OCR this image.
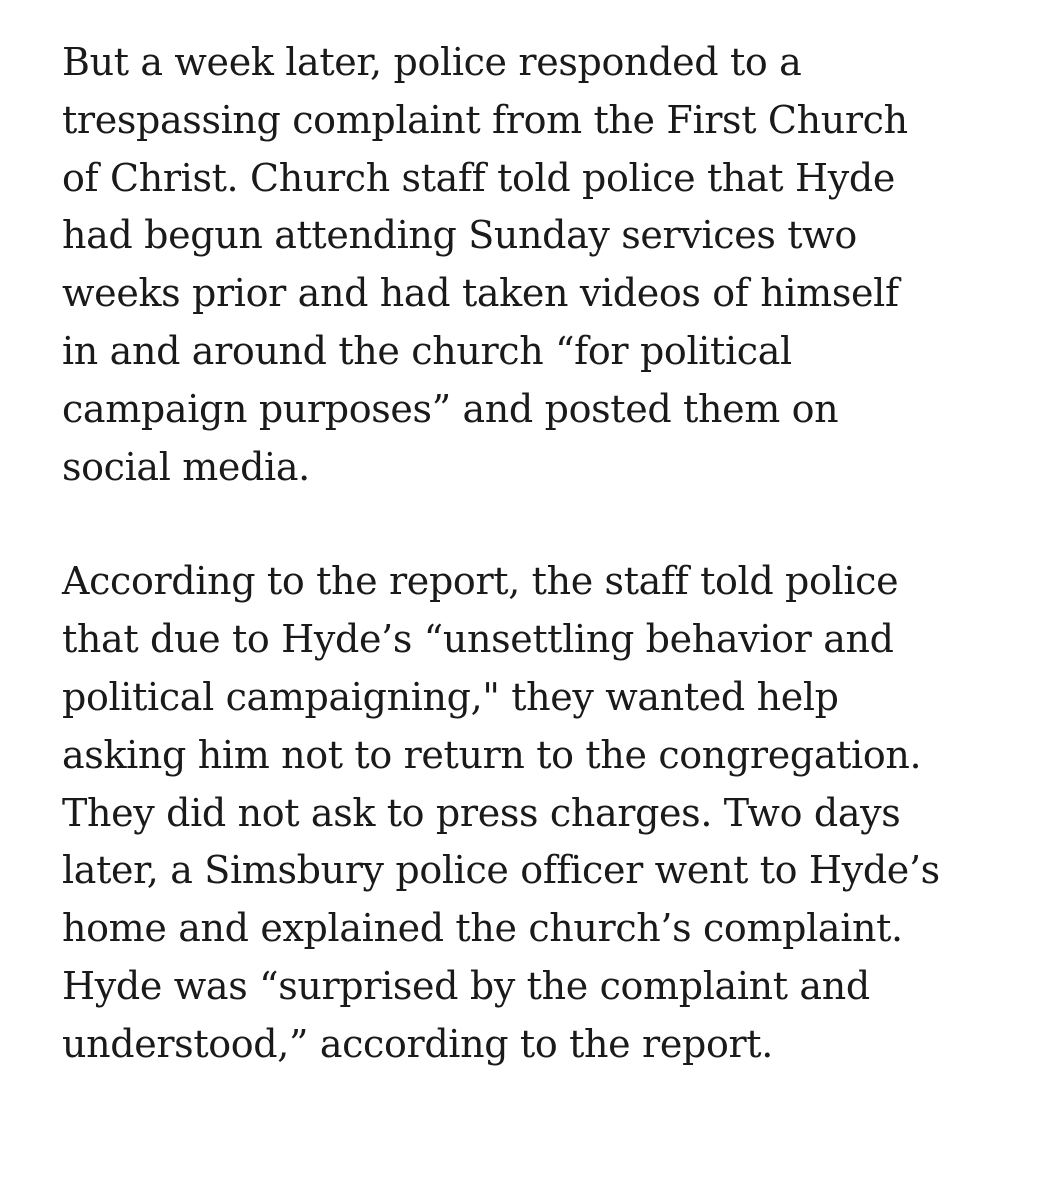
But a week later, police responded to a
trespassing complaint from the First Church
of Christ. Church staff told police that Hyde
had begun attending Sunday services two
weeks prior and had taken videos of himself
in and around the church “for political
campaign purposes” and posted them on
social media.

According to the report, the staff told police
that due to Hyde’s “unsettling behavior and
political campaigning," they wanted help
asking him not to return to the congregation.
They did not ask to press charges. Two days
later, a Simsbury police officer went to Hyde’s
home and explained the church’s complaint.
Hyde was “surprised by the complaint and
understood,” according to the report.
